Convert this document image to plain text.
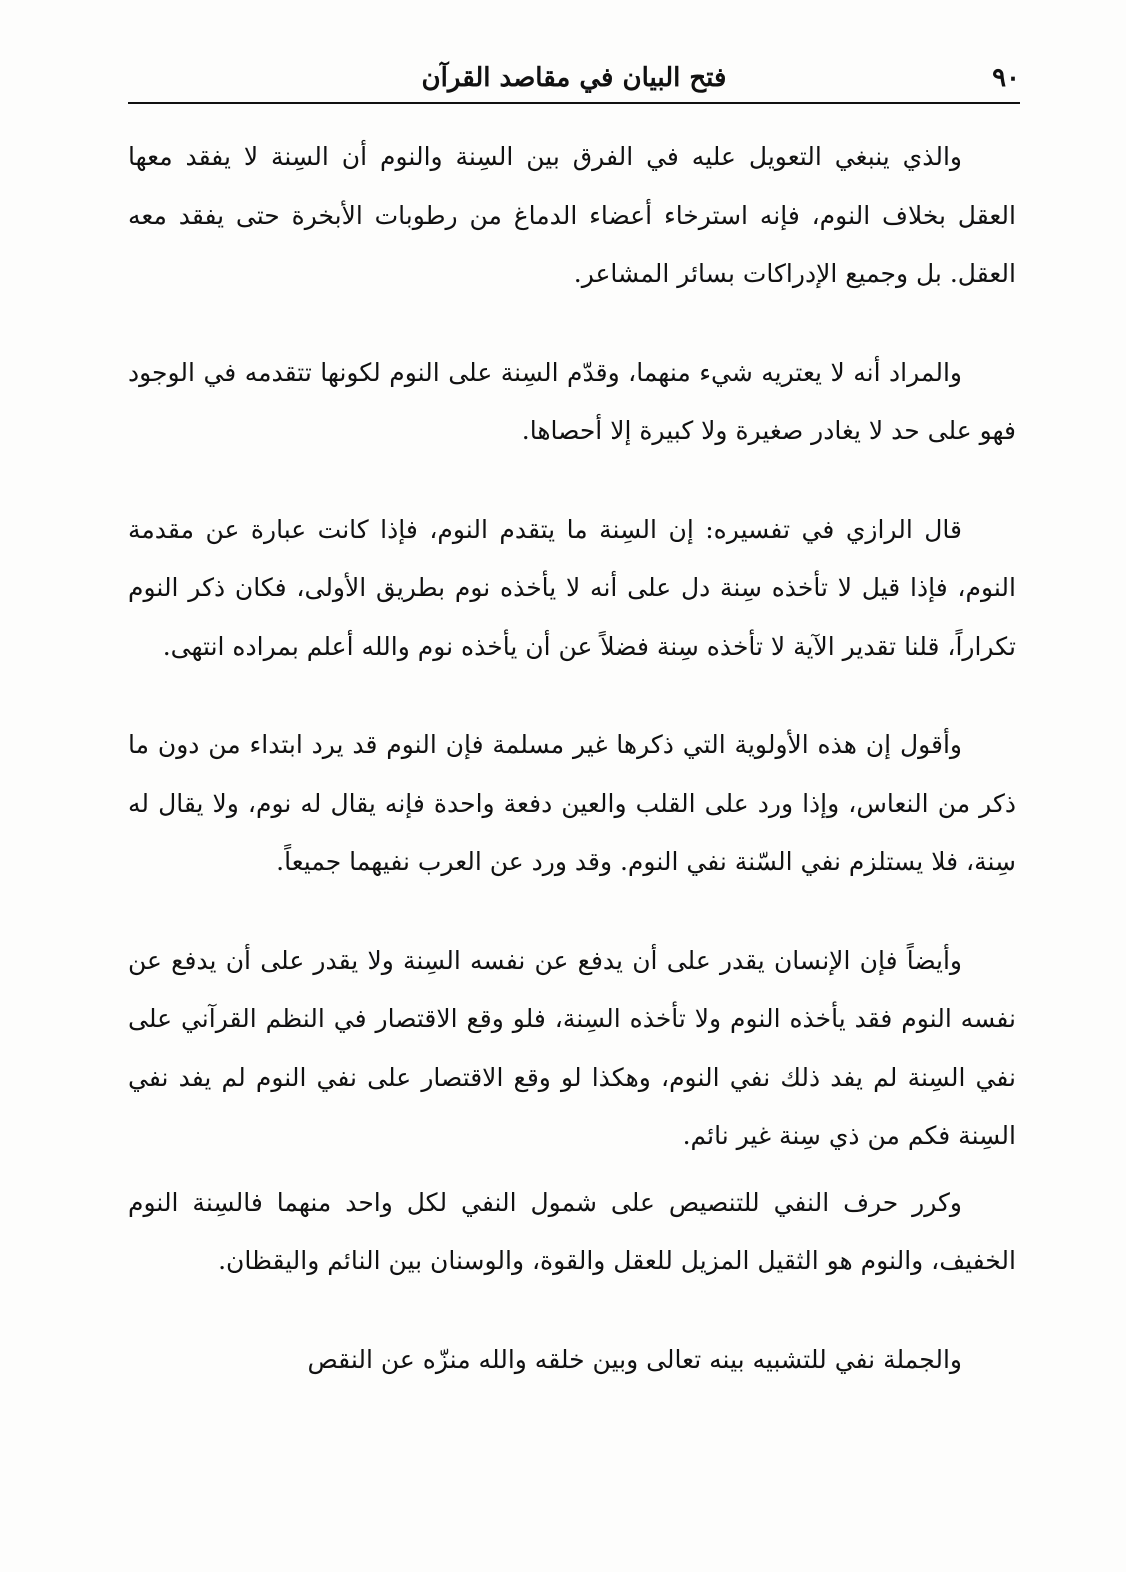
٩٠
فتح البيان في مقاصد القرآن

والذي ينبغي التعويل عليه في الفرق بين السِنة والنوم أن السِنة لا يفقد معها العقل بخلاف النوم، فإنه استرخاء أعضاء الدماغ من رطوبات الأبخرة حتى يفقد معه العقل. بل وجميع الإدراكات بسائر المشاعر.

والمراد أنه لا يعتريه شيء منهما، وقدّم السِنة على النوم لكونها تتقدمه في الوجود فهو على حد لا يغادر صغيرة ولا كبيرة إلا أحصاها.

قال الرازي في تفسيره: إن السِنة ما يتقدم النوم، فإذا كانت عبارة عن مقدمة النوم، فإذا قيل لا تأخذه سِنة دل على أنه لا يأخذه نوم بطريق الأولى، فكان ذكر النوم تكراراً، قلنا تقدير الآية لا تأخذه سِنة فضلاً عن أن يأخذه نوم والله أعلم بمراده انتهى.

وأقول إن هذه الأولوية التي ذكرها غير مسلمة فإن النوم قد يرد ابتداء من دون ما ذكر من النعاس، وإذا ورد على القلب والعين دفعة واحدة فإنه يقال له نوم، ولا يقال له سِنة، فلا يستلزم نفي السّنة نفي النوم. وقد ورد عن العرب نفيهما جميعاً.

وأيضاً فإن الإنسان يقدر على أن يدفع عن نفسه السِنة ولا يقدر على أن يدفع عن نفسه النوم فقد يأخذه النوم ولا تأخذه السِنة، فلو وقع الاقتصار في النظم القرآني على نفي السِنة لم يفد ذلك نفي النوم، وهكذا لو وقع الاقتصار على نفي النوم لم يفد نفي السِنة فكم من ذي سِنة غير نائم.

وكرر حرف النفي للتنصيص على شمول النفي لكل واحد منهما فالسِنة النوم الخفيف، والنوم هو الثقيل المزيل للعقل والقوة، والوسنان بين النائم واليقظان.

والجملة نفي للتشبيه بينه تعالى وبين خلقه والله منزّه عن النقص
